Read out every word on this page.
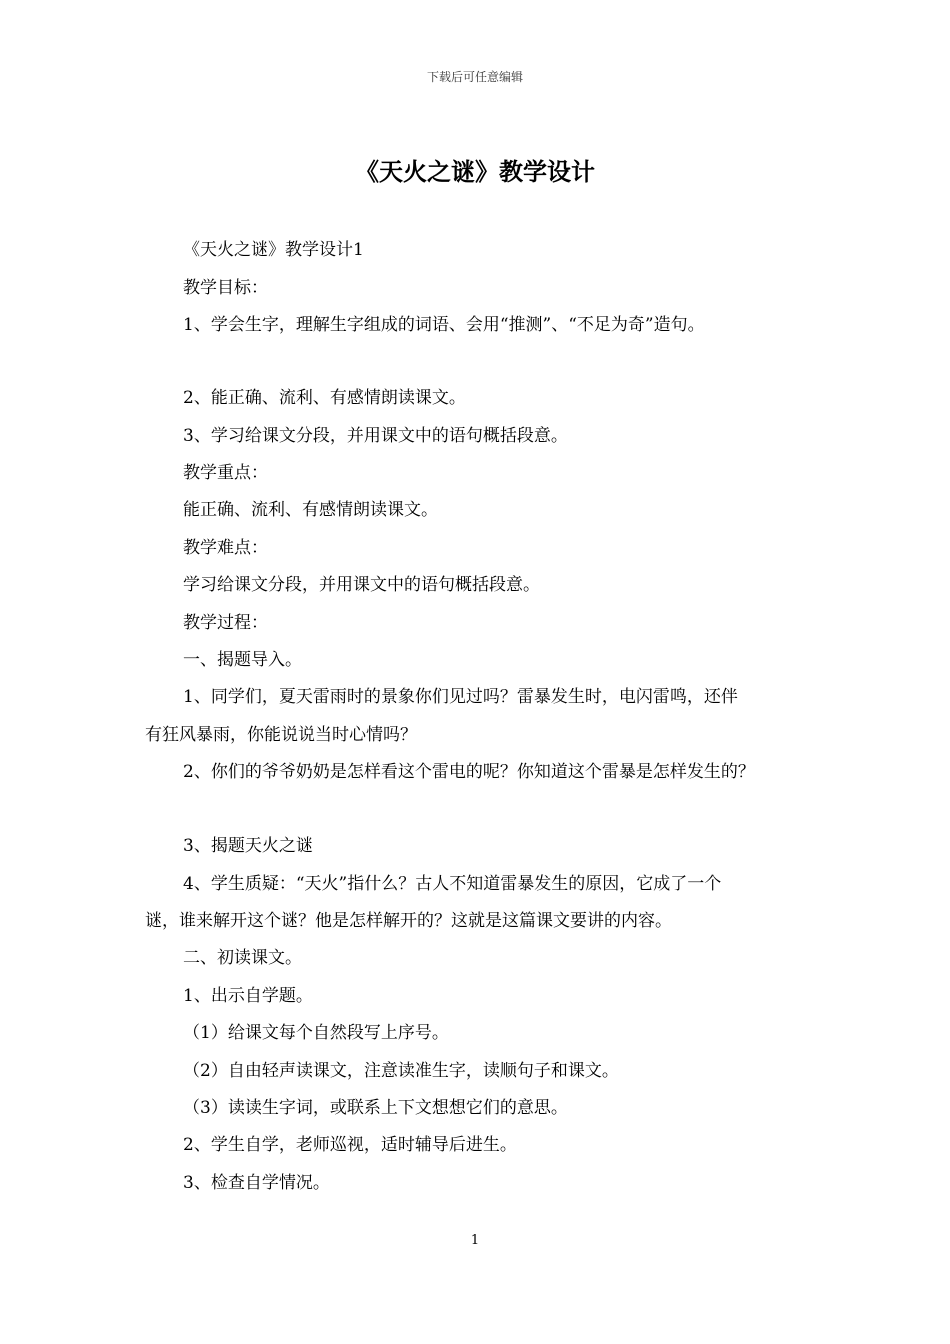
下载后可任意编辑
《天火之谜》教学设计
《天火之谜》教学设计1
教学目标：
1、学会生字，理解生字组成的词语、会用“推测”、“不足为奇”造句。
2、能正确、流利、有感情朗读课文。
3、学习给课文分段，并用课文中的语句概括段意。
教学重点：
能正确、流利、有感情朗读课文。
教学难点：
学习给课文分段，并用课文中的语句概括段意。
教学过程：
一、揭题导入。
1、同学们，夏天雷雨时的景象你们见过吗？雷暴发生时，电闪雷鸣，还伴
有狂风暴雨，你能说说当时心情吗？
2、你们的爷爷奶奶是怎样看这个雷电的呢？你知道这个雷暴是怎样发生的？
3、揭题天火之谜
4、学生质疑：“天火”指什么？古人不知道雷暴发生的原因，它成了一个
谜，谁来解开这个谜？他是怎样解开的？这就是这篇课文要讲的内容。
二、初读课文。
1、出示自学题。
（1）给课文每个自然段写上序号。
（2）自由轻声读课文，注意读准生字，读顺句子和课文。
（3）读读生字词，或联系上下文想想它们的意思。
2、学生自学，老师巡视，适时辅导后进生。
3、检查自学情况。
1
